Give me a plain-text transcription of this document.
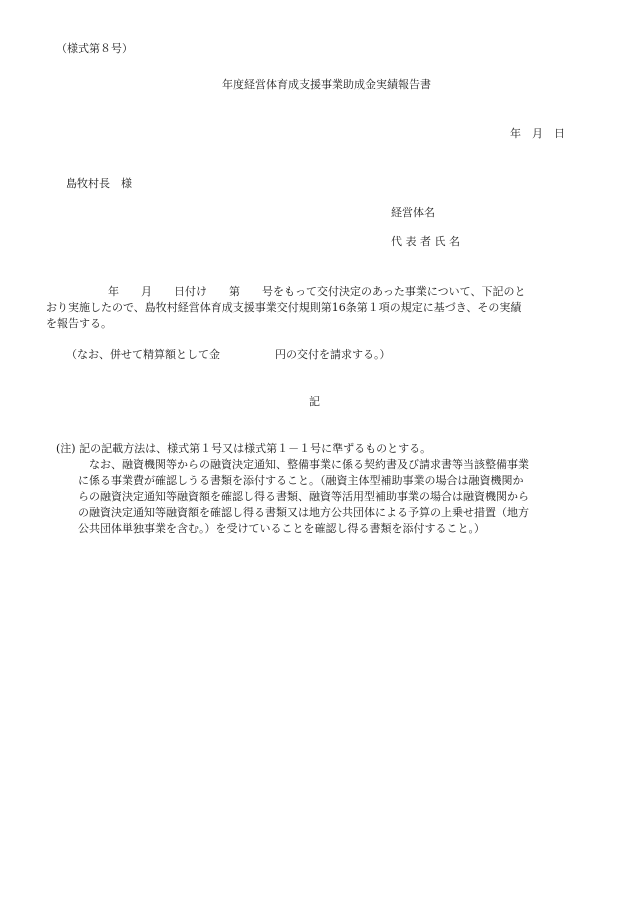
（様式第８号）
年度経営体育成支援事業助成金実績報告書
年　月　日
島牧村長　様
経営体名
代 表 者 氏 名
年　　月　　日付け　　第　　号をもって交付決定のあった事業について、下記のと
おり実施したので、島牧村経営体育成支援事業交付規則第16条第１項の規定に基づき、その実績
を報告する。
（なお、併せて精算額として金　　　　　円の交付を請求する。）
記
(注) 記の記載方法は、様式第１号又は様式第１－１号に準ずるものとする。
なお、融資機関等からの融資決定通知、整備事業に係る契約書及び請求書等当該整備事業
に係る事業費が確認しうる書類を添付すること。（融資主体型補助事業の場合は融資機関か
らの融資決定通知等融資額を確認し得る書類、融資等活用型補助事業の場合は融資機関から
の融資決定通知等融資額を確認し得る書類又は地方公共団体による予算の上乗せ措置（地方
公共団体単独事業を含む。）を受けていることを確認し得る書類を添付すること。）
